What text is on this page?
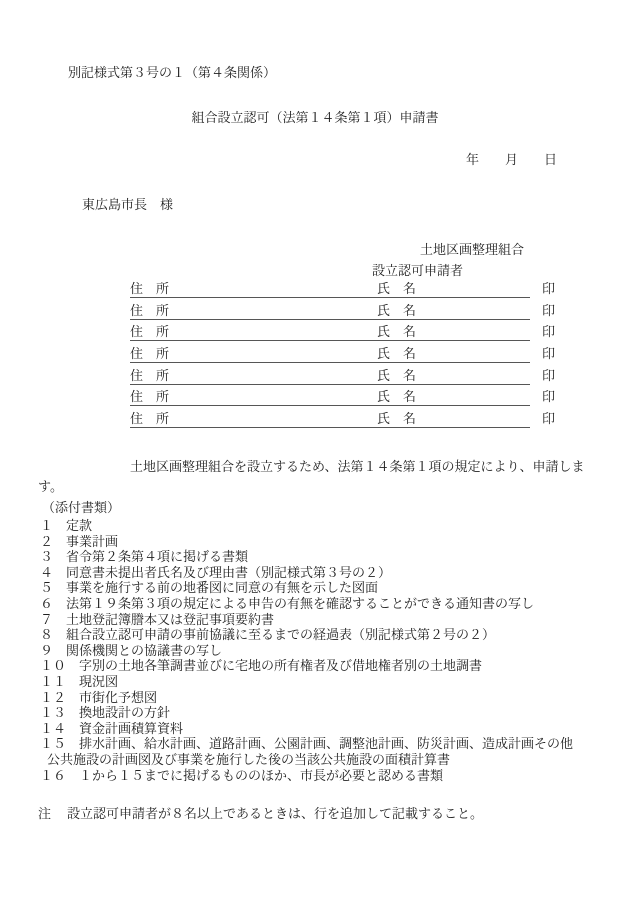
別記様式第３号の１（第４条関係）
組合設立認可（法第１４条第１項）申請書
年　　月　　日
東広島市長　様
土地区画整理組合
設立認可申請者
住　所	氏　名	印
住　所	氏　名	印
住　所	氏　名	印
住　所	氏　名	印
住　所	氏　名	印
住　所	氏　名	印
住　所	氏　名	印
土地区画整理組合を設立するため、法第１４条第１項の規定により、申請しま
す。
（添付書類）
１ 定款
２ 事業計画
３ 省令第２条第４項に掲げる書類
４ 同意書未提出者氏名及び理由書（別記様式第３号の２）
５ 事業を施行する前の地番図に同意の有無を示した図面
６ 法第１９条第３項の規定による申告の有無を確認することができる通知書の写し
７ 土地登記簿謄本又は登記事項要約書
８ 組合設立認可申請の事前協議に至るまでの経過表（別記様式第２号の２）
９ 関係機関との協議書の写し
１０ 字別の土地各筆調書並びに宅地の所有権者及び借地権者別の土地調書
１１ 現況図
１２ 市街化予想図
１３ 換地設計の方針
１４ 資金計画積算資料
１５ 排水計画、給水計画、道路計画、公園計画、調整池計画、防災計画、造成計画その他
公共施設の計画図及び事業を施行した後の当該公共施設の面積計算書
１６ １から１５までに掲げるもののほか、市長が必要と認める書類
注 設立認可申請者が８名以上であるときは、行を追加して記載すること。
